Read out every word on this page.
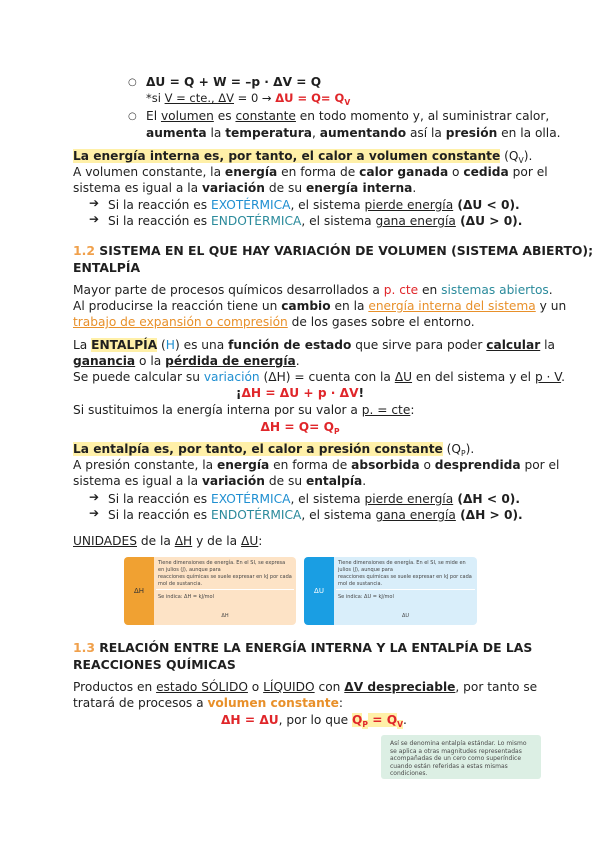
○ ΔU = Q + W = –p · ΔV = Q
*si V = cte., $\Delta V = 0 \to \Delta U = Q= Q_V$
○ El volumen es constante en todo momento y, al suministrar calor,
aumenta la temperatura, aumentando así la presión en la olla.
La energía interna es, por tanto, el calor a volumen constante $(Q_V)$.
A volumen constante, la energía en forma de calor ganada o cedida por el
sistema es igual a la variación de su energía interna.
➔ Si la reacción es EXOTÉRMICA, el sistema pierde energía (ΔU < 0).
➔ Si la reacción es ENDOTÉRMICA, el sistema gana energía (ΔU > 0).
1.2 SISTEMA EN EL QUE HAY VARIACIÓN DE VOLUMEN (SISTEMA ABIERTO);
ENTALPÍA
Mayor parte de procesos químicos desarrollados a p. cte en sistemas abiertos.
Al producirse la reacción tiene un cambio en la energía interna del sistema y un
trabajo de expansión o compresión de los gases sobre el entorno.
La ENTALPÍA (H) es una función de estado que sirve para poder calcular la
ganancia o la pérdida de energía.
Se puede calcular su variación (ΔH) = cuenta con la ΔU en del sistema y el p · V.
¡ΔH = ΔU + p · ΔV!
Si sustituimos la energía interna por su valor a p. = cte:
$\Delta H = Q= Q_P$
La entalpía es, por tanto, el calor a presión constante $(Q_P)$.
A presión constante, la energía en forma de absorbida o desprendida por el
sistema es igual a la variación de su entalpía.
➔ Si la reacción es EXOTÉRMICA, el sistema pierde energía (ΔH < 0).
➔ Si la reacción es ENDOTÉRMICA, el sistema gana energía (ΔH > 0).
UNIDADES de la ΔH y de la ΔU:
ΔH
Tiene dimensiones de energía. En el SI, se expresa en julios (J), aunque para
reacciones químicas se suele expresar en kJ por cada mol de sustancia.
Se indica: ΔH = kJ/mol
ΔH
ΔU
Tiene dimensiones de energía. En el SI, se mide en julios (J), aunque para
reacciones químicas se suele expresar en kJ por cada mol de sustancia.
Se indica: ΔU = kJ/mol
ΔU
1.3 RELACIÓN ENTRE LA ENERGÍA INTERNA Y LA ENTALPÍA DE LAS
REACCIONES QUÍMICAS
Productos en estado SÓLIDO o LÍQUIDO con ΔV despreciable, por tanto se
tratará de procesos a volumen constante:
ΔH = ΔU, por lo que $Q_P = Q_V$.
Así se denomina entalpía estándar. Lo mismo se aplica a otras magnitudes representadas acompañadas de un cero como superíndice cuando están referidas a estas mismas condiciones.
